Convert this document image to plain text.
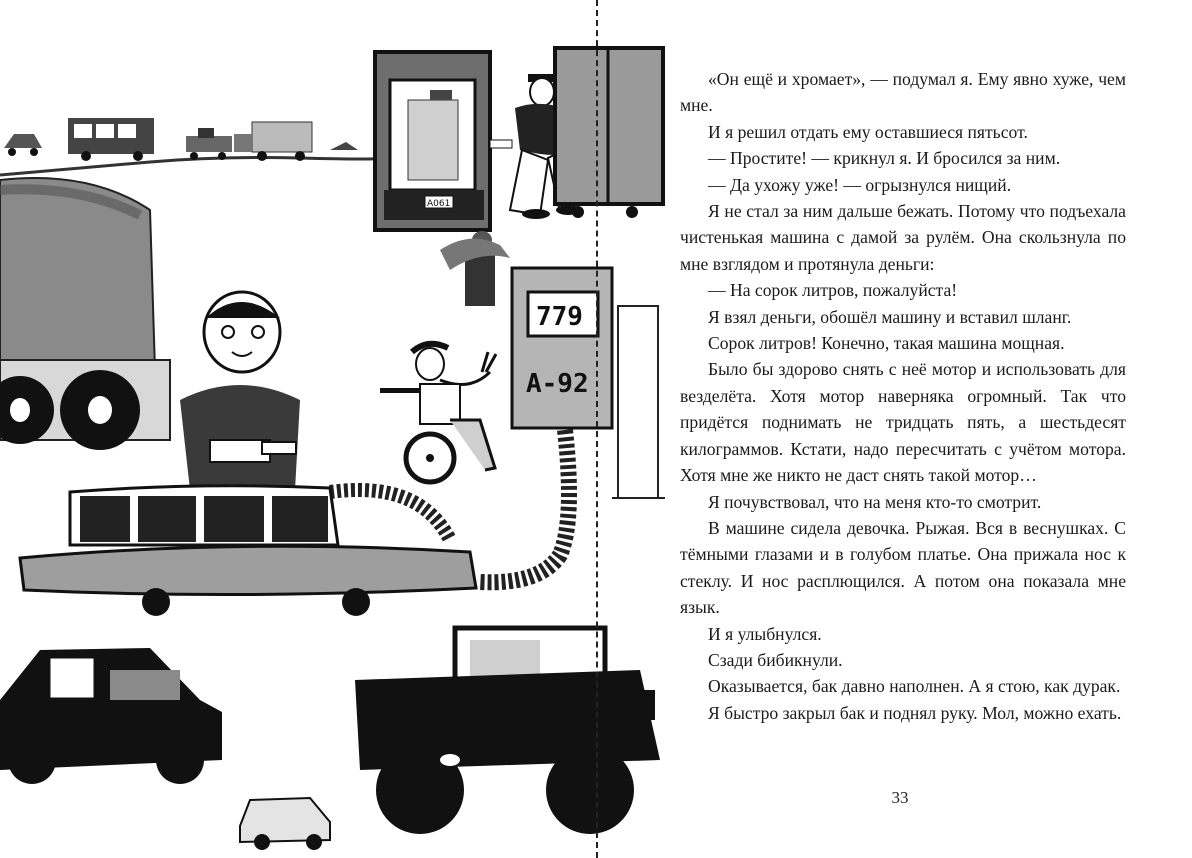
А061
779
А-92

«Он ещё и хромает», — подумал я. Ему явно хуже, чем мне.

И я решил отдать ему оставшиеся пятьсот.

— Простите! — крикнул я. И бросился за ним.

— Да ухожу уже! — огрызнулся нищий.

Я не стал за ним дальше бежать. Потому что подъехала чистенькая машина с дамой за рулём. Она скользнула по мне взглядом и протянула деньги:

— На сорок литров, пожалуйста!

Я взял деньги, обошёл машину и вставил шланг.

Сорок литров! Конечно, такая машина мощная.

Было бы здорово снять с неё мотор и использовать для везделёта. Хотя мотор наверняка огромный. Так что придётся поднимать не тридцать пять, а шестьдесят килограммов. Кстати, надо пересчитать с учётом мотора. Хотя мне же никто не даст снять такой мотор…

Я почувствовал, что на меня кто-то смотрит.

В машине сидела девочка. Рыжая. Вся в веснушках. С тёмными глазами и в голубом платье. Она прижала нос к стеклу. И нос расплющился. А потом она показала мне язык.

И я улыбнулся.

Сзади бибикнули.

Оказывается, бак давно наполнен. А я стою, как дурак.

Я быстро закрыл бак и поднял руку. Мол, можно ехать.

33
